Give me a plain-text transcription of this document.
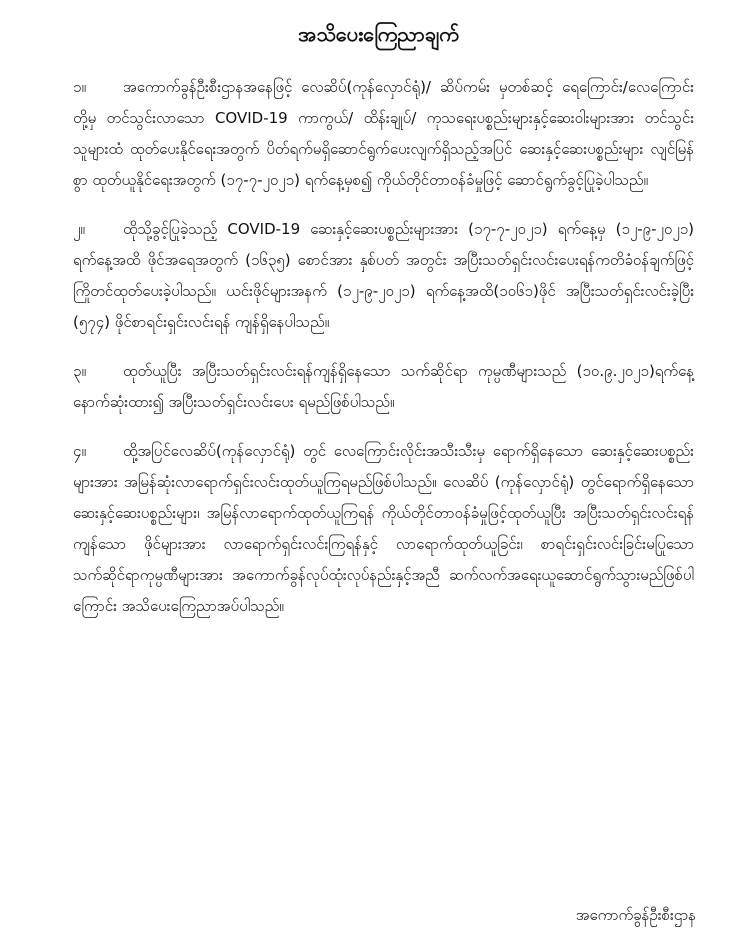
အသိပေးကြေညာချက်
၁။ အကောက်ခွန်ဦးစီးဌာနအနေဖြင့် လေဆိပ်(ကုန်လှောင်ရုံ)/ ဆိပ်ကမ်း မှတစ်ဆင့် ရေကြောင်း/လေကြောင်း တို့မှ တင်သွင်းလာသော COVID-19 ကာကွယ်/ ထိန်းချုပ်/ ကုသရေးပစ္စည်းများနှင့်ဆေးဝါးများအား တင်သွင်းသူများထံ ထုတ်ပေးနိုင်ရေးအတွက် ပိတ်ရက်မရှိဆောင်ရွက်ပေးလျက်ရှိသည့်အပြင် ဆေးနှင့်ဆေးပစ္စည်းများ လျင်မြန်စွာ ထုတ်ယူနိုင်ရေးအတွက် (၁၇-၇-၂၀၂၁) ရက်နေ့မှစ၍ ကိုယ်တိုင်တာဝန်ခံမှုဖြင့် ဆောင်ရွက်ခွင့်ပြုခဲ့ပါသည်။
၂။	ထိုသို့ခွင့်ပြုခဲ့သည့် COVID-19 ဆေးနှင့်ဆေးပစ္စည်းများအား (၁၇-၇-၂၀၂၁) ရက်နေ့မှ (၁၂-၉-၂၀၂၁) ရက်နေ့အထိ ဖိုင်အရေအတွက် (၁၆၃၅) စောင်အား နှစ်ပတ် အတွင်း အပြီးသတ်ရှင်းလင်းပေးရန်ကတိခံဝန်ချက်ဖြင့် ကြိုတင်ထုတ်ပေးခဲ့ပါသည်။ ယင်းဖိုင်များအနက် (၁၂-၉-၂၀၂၁) ရက်နေ့အထိ(၁၀၆၁)ဖိုင် အပြီးသတ်ရှင်းလင်းခဲ့ပြီး (၅၇၄) ဖိုင်စာရင်းရှင်းလင်းရန် ကျန်ရှိနေပါသည်။
၃။ ထုတ်ယူပြီး အပြီးသတ်ရှင်းလင်းရန်ကျန်ရှိနေသော သက်ဆိုင်ရာ ကုမ္ပဏီများသည် (၁၀.၉.၂၀၂၁)ရက်နေ့ နောက်ဆုံးထား၍ အပြီးသတ်ရှင်းလင်းပေး ရမည်ဖြစ်ပါသည်။
၄။ ထို့အပြင်လေဆိပ်(ကုန်လှောင်ရုံ) တွင် လေကြောင်းလိုင်းအသီးသီးမှ ရောက်ရှိနေသော ဆေးနှင့်ဆေးပစ္စည်းများအား အမြန်ဆုံးလာရောက်ရှင်းလင်းထုတ်ယူကြရမည်ဖြစ်ပါသည်။ လေဆိပ် (ကုန်လှောင်ရုံ) တွင်ရောက်ရှိနေသော ဆေးနှင့်ဆေးပစ္စည်းများ၊ အမြန်လာရောက်ထုတ်ယူကြရန် ကိုယ်တိုင်တာဝန်ခံမှုဖြင့်ထုတ်ယူပြီး အပြီးသတ်ရှင်းလင်းရန်ကျန်သော ဖိုင်များအား လာရောက်ရှင်းလင်းကြရန်နှင့် လာရောက်ထုတ်ယူခြင်း၊ စာရင်းရှင်းလင်းခြင်းမပြုသော သက်ဆိုင်ရာကုမ္ပဏီများအား အကောက်ခွန်လုပ်ထုံးလုပ်နည်းနှင့်အညီ ဆက်လက်အရေးယူဆောင်ရွက်သွားမည်ဖြစ်ပါကြောင်း အသိပေးကြေညာအပ်ပါသည်။
အကောက်ခွန်ဦးစီးဌာန
